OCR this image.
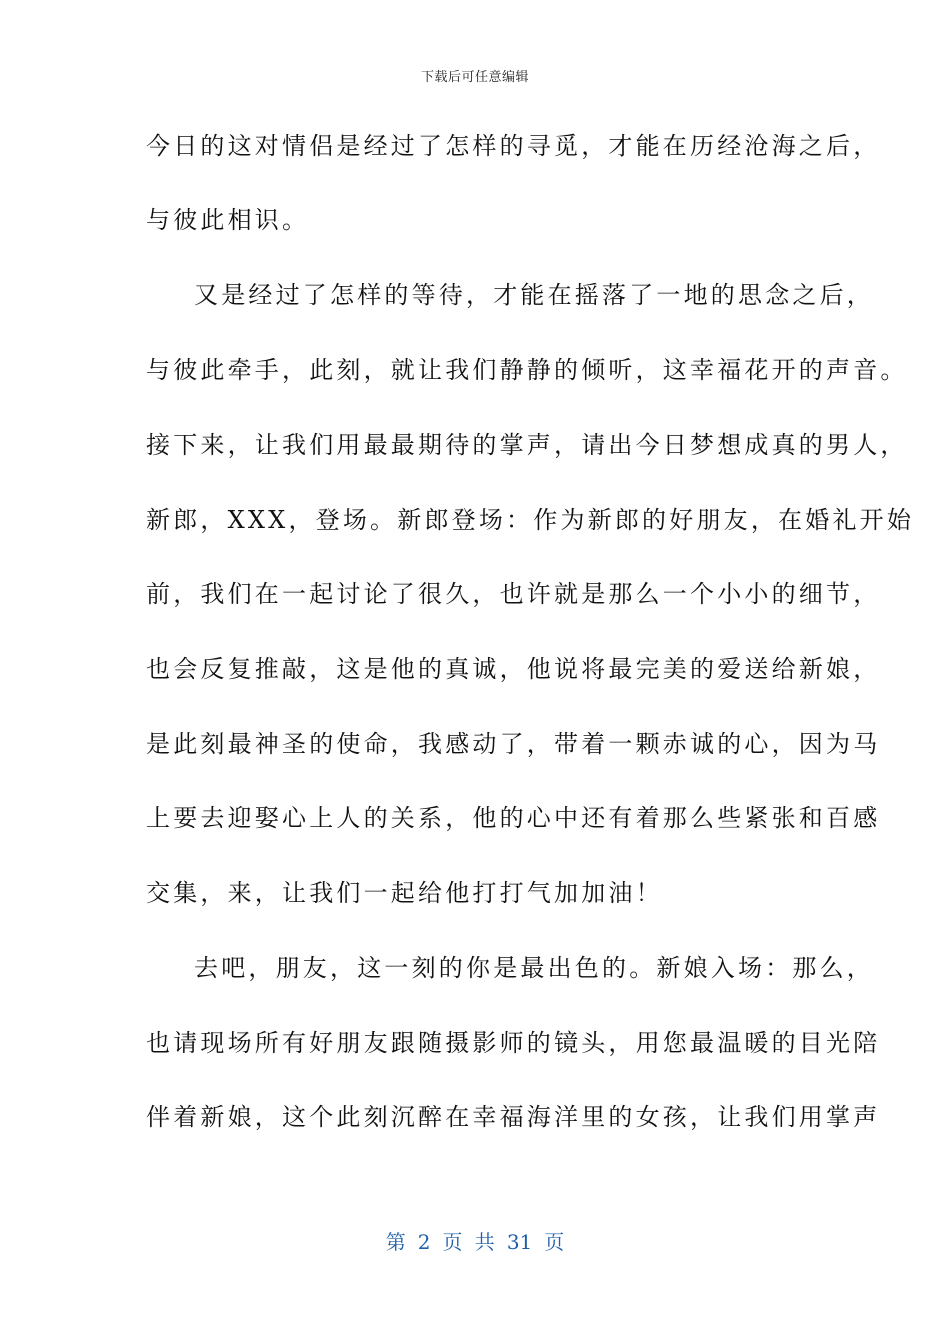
下载后可任意编辑
今日的这对情侣是经过了怎样的寻觅，才能在历经沧海之后，
与彼此相识。
又是经过了怎样的等待，才能在摇落了一地的思念之后，
与彼此牵手，此刻，就让我们静静的倾听，这幸福花开的声音。
接下来，让我们用最最期待的掌声，请出今日梦想成真的男人，
新郎，XXX，登场。新郎登场：作为新郎的好朋友，在婚礼开始
前，我们在一起讨论了很久，也许就是那么一个小小的细节，
也会反复推敲，这是他的真诚，他说将最完美的爱送给新娘，
是此刻最神圣的使命，我感动了，带着一颗赤诚的心，因为马
上要去迎娶心上人的关系，他的心中还有着那么些紧张和百感
交集，来，让我们一起给他打打气加加油！
去吧，朋友，这一刻的你是最出色的。新娘入场：那么，
也请现场所有好朋友跟随摄影师的镜头，用您最温暖的目光陪
伴着新娘，这个此刻沉醉在幸福海洋里的女孩，让我们用掌声
第 2 页 共 31 页
